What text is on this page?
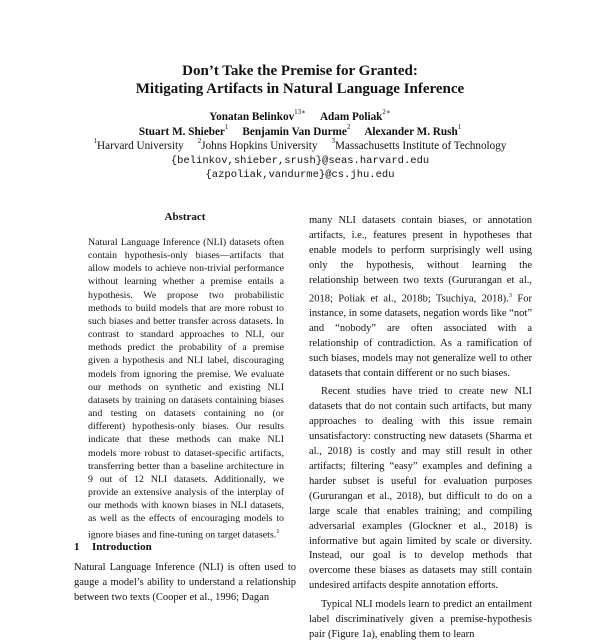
Don’t Take the Premise for Granted:
Mitigating Artifacts in Natural Language Inference
Yonatan Belinkov$^{13∗}$ Adam Poliak$^{2∗}$
Stuart M. Shieber$^1$ Benjamin Van Durme$^2$ Alexander M. Rush$^1$
$^1$Harvard University $^2$Johns Hopkins University $^3$Massachusetts Institute of Technology
{belinkov,shieber,srush}@seas.harvard.edu
{azpoliak,vandurme}@cs.jhu.edu
Abstract
Natural Language Inference (NLI) datasets often contain hypothesis-only biases—artifacts that allow models to achieve non-trivial performance without learning whether a premise entails a hypothesis. We propose two probabilistic methods to build models that are more robust to such biases and better transfer across datasets. In contrast to standard approaches to NLI, our methods predict the probability of a premise given a hypothesis and NLI label, discouraging models from ignoring the premise. We evaluate our methods on synthetic and existing NLI datasets by training on datasets containing biases and testing on datasets containing no (or different) hypothesis-only biases. Our results indicate that these methods can make NLI models more robust to dataset-specific artifacts, transferring better than a baseline architecture in 9 out of 12 NLI datasets. Additionally, we provide an extensive analysis of the interplay of our methods with known biases in NLI datasets, as well as the effects of encouraging models to ignore biases and fine-tuning on target datasets.$^1$
1 Introduction

Natural Language Inference (NLI) is often used to gauge a model’s ability to understand a relationship between two texts (Cooper et al., 1996; Dagan

many NLI datasets contain biases, or annotation artifacts, i.e., features present in hypotheses that enable models to perform surprisingly well using only the hypothesis, without learning the relationship between two texts (Gururangan et al., 2018; Poliak et al., 2018b; Tsuchiya, 2018).$^3$ For instance, in some datasets, negation words like “not” and “nobody” are often associated with a relationship of contradiction. As a ramification of such biases, models may not generalize well to other datasets that contain different or no such biases.

Recent studies have tried to create new NLI datasets that do not contain such artifacts, but many approaches to dealing with this issue remain unsatisfactory: constructing new datasets (Sharma et al., 2018) is costly and may still result in other artifacts; filtering “easy” examples and defining a harder subset is useful for evaluation purposes (Gururangan et al., 2018), but difficult to do on a large scale that enables training; and compiling adversarial examples (Glockner et al., 2018) is informative but again limited by scale or diversity. Instead, our goal is to develop methods that overcome these biases as datasets may still contain undesired artifacts despite annotation efforts.

Typical NLI models learn to predict an entailment label discriminatively given a premise-hypothesis pair (Figure 1a), enabling them to learn
